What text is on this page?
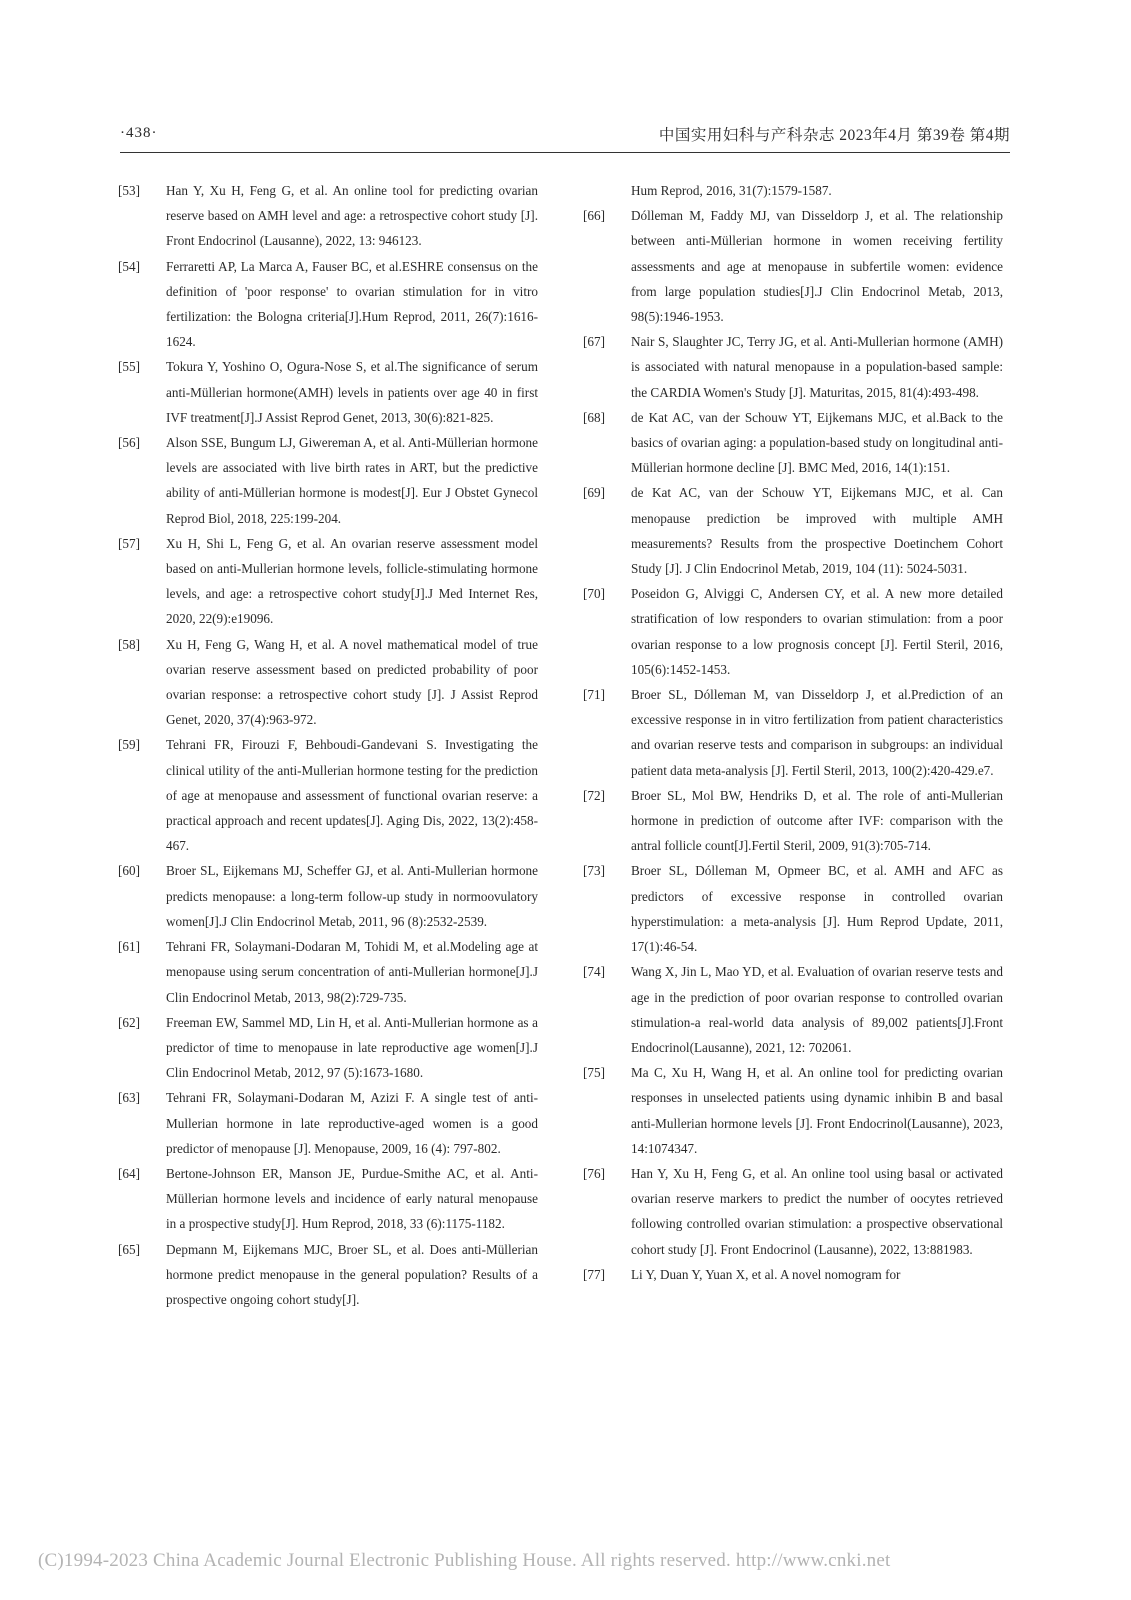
·438·	中国实用妇科与产科杂志 2023年4月 第39卷 第4期

[53] Han Y, Xu H, Feng G, et al. An online tool for predicting ovarian reserve based on AMH level and age: a retrospective cohort study [J]. Front Endocrinol (Lausanne), 2022, 13: 946123.

[54] Ferraretti AP, La Marca A, Fauser BC, et al.ESHRE consensus on the definition of 'poor response' to ovarian stimulation for in vitro fertilization: the Bologna criteria[J].Hum Reprod, 2011, 26(7):1616-1624.

[55] Tokura Y, Yoshino O, Ogura-Nose S, et al.The significance of serum anti-Müllerian hormone(AMH) levels in patients over age 40 in first IVF treatment[J].J Assist Reprod Genet, 2013, 30(6):821-825.

[56] Alson SSE, Bungum LJ, Giwereman A, et al. Anti-Müllerian hormone levels are associated with live birth rates in ART, but the predictive ability of anti-Müllerian hormone is modest[J]. Eur J Obstet Gynecol Reprod Biol, 2018, 225:199-204.

[57] Xu H, Shi L, Feng G, et al. An ovarian reserve assessment model based on anti-Mullerian hormone levels, follicle-stimulating hormone levels, and age: a retrospective cohort study[J].J Med Internet Res, 2020, 22(9):e19096.

[58] Xu H, Feng G, Wang H, et al. A novel mathematical model of true ovarian reserve assessment based on predicted probability of poor ovarian response: a retrospective cohort study [J]. J Assist Reprod Genet, 2020, 37(4):963-972.

[59] Tehrani FR, Firouzi F, Behboudi-Gandevani S. Investigating the clinical utility of the anti-Mullerian hormone testing for the prediction of age at menopause and assessment of functional ovarian reserve: a practical approach and recent updates[J]. Aging Dis, 2022, 13(2):458-467.

[60] Broer SL, Eijkemans MJ, Scheffer GJ, et al. Anti-Mullerian hormone predicts menopause: a long-term follow-up study in normoovulatory women[J].J Clin Endocrinol Metab, 2011, 96 (8):2532-2539.

[61] Tehrani FR, Solaymani-Dodaran M, Tohidi M, et al.Modeling age at menopause using serum concentration of anti-Mullerian hormone[J].J Clin Endocrinol Metab, 2013, 98(2):729-735.

[62] Freeman EW, Sammel MD, Lin H, et al. Anti-Mullerian hormone as a predictor of time to menopause in late reproductive age women[J].J Clin Endocrinol Metab, 2012, 97 (5):1673-1680.

[63] Tehrani FR, Solaymani-Dodaran M, Azizi F. A single test of anti-Mullerian hormone in late reproductive-aged women is a good predictor of menopause [J]. Menopause, 2009, 16 (4): 797-802.

[64] Bertone-Johnson ER, Manson JE, Purdue-Smithe AC, et al. Anti-Müllerian hormone levels and incidence of early natural menopause in a prospective study[J]. Hum Reprod, 2018, 33 (6):1175-1182.

[65] Depmann M, Eijkemans MJC, Broer SL, et al. Does anti-Müllerian hormone predict menopause in the general population? Results of a prospective ongoing cohort study[J].

Hum Reprod, 2016, 31(7):1579-1587.

[66] Dólleman M, Faddy MJ, van Disseldorp J, et al. The relationship between anti-Müllerian hormone in women receiving fertility assessments and age at menopause in subfertile women: evidence from large population studies[J].J Clin Endocrinol Metab, 2013, 98(5):1946-1953.

[67] Nair S, Slaughter JC, Terry JG, et al. Anti-Mullerian hormone (AMH) is associated with natural menopause in a population-based sample: the CARDIA Women's Study [J]. Maturitas, 2015, 81(4):493-498.

[68] de Kat AC, van der Schouw YT, Eijkemans MJC, et al.Back to the basics of ovarian aging: a population-based study on longitudinal anti-Müllerian hormone decline [J]. BMC Med, 2016, 14(1):151.

[69] de Kat AC, van der Schouw YT, Eijkemans MJC, et al. Can menopause prediction be improved with multiple AMH measurements? Results from the prospective Doetinchem Cohort Study [J]. J Clin Endocrinol Metab, 2019, 104 (11): 5024-5031.

[70] Poseidon G, Alviggi C, Andersen CY, et al. A new more detailed stratification of low responders to ovarian stimulation: from a poor ovarian response to a low prognosis concept [J]. Fertil Steril, 2016, 105(6):1452-1453.

[71] Broer SL, Dólleman M, van Disseldorp J, et al.Prediction of an excessive response in in vitro fertilization from patient characteristics and ovarian reserve tests and comparison in subgroups: an individual patient data meta-analysis [J]. Fertil Steril, 2013, 100(2):420-429.e7.

[72] Broer SL, Mol BW, Hendriks D, et al. The role of anti-Mullerian hormone in prediction of outcome after IVF: comparison with the antral follicle count[J].Fertil Steril, 2009, 91(3):705-714.

[73] Broer SL, Dólleman M, Opmeer BC, et al. AMH and AFC as predictors of excessive response in controlled ovarian hyperstimulation: a meta-analysis [J]. Hum Reprod Update, 2011, 17(1):46-54.

[74] Wang X, Jin L, Mao YD, et al. Evaluation of ovarian reserve tests and age in the prediction of poor ovarian response to controlled ovarian stimulation-a real-world data analysis of 89,002 patients[J].Front Endocrinol(Lausanne), 2021, 12: 702061.

[75] Ma C, Xu H, Wang H, et al. An online tool for predicting ovarian responses in unselected patients using dynamic inhibin B and basal anti-Mullerian hormone levels [J]. Front Endocrinol(Lausanne), 2023, 14:1074347.

[76] Han Y, Xu H, Feng G, et al. An online tool using basal or activated ovarian reserve markers to predict the number of oocytes retrieved following controlled ovarian stimulation: a prospective observational cohort study [J]. Front Endocrinol (Lausanne), 2022, 13:881983.

[77] Li Y, Duan Y, Yuan X, et al. A novel nomogram for

(C)1994-2023 China Academic Journal Electronic Publishing House. All rights reserved. http://www.cnki.net
